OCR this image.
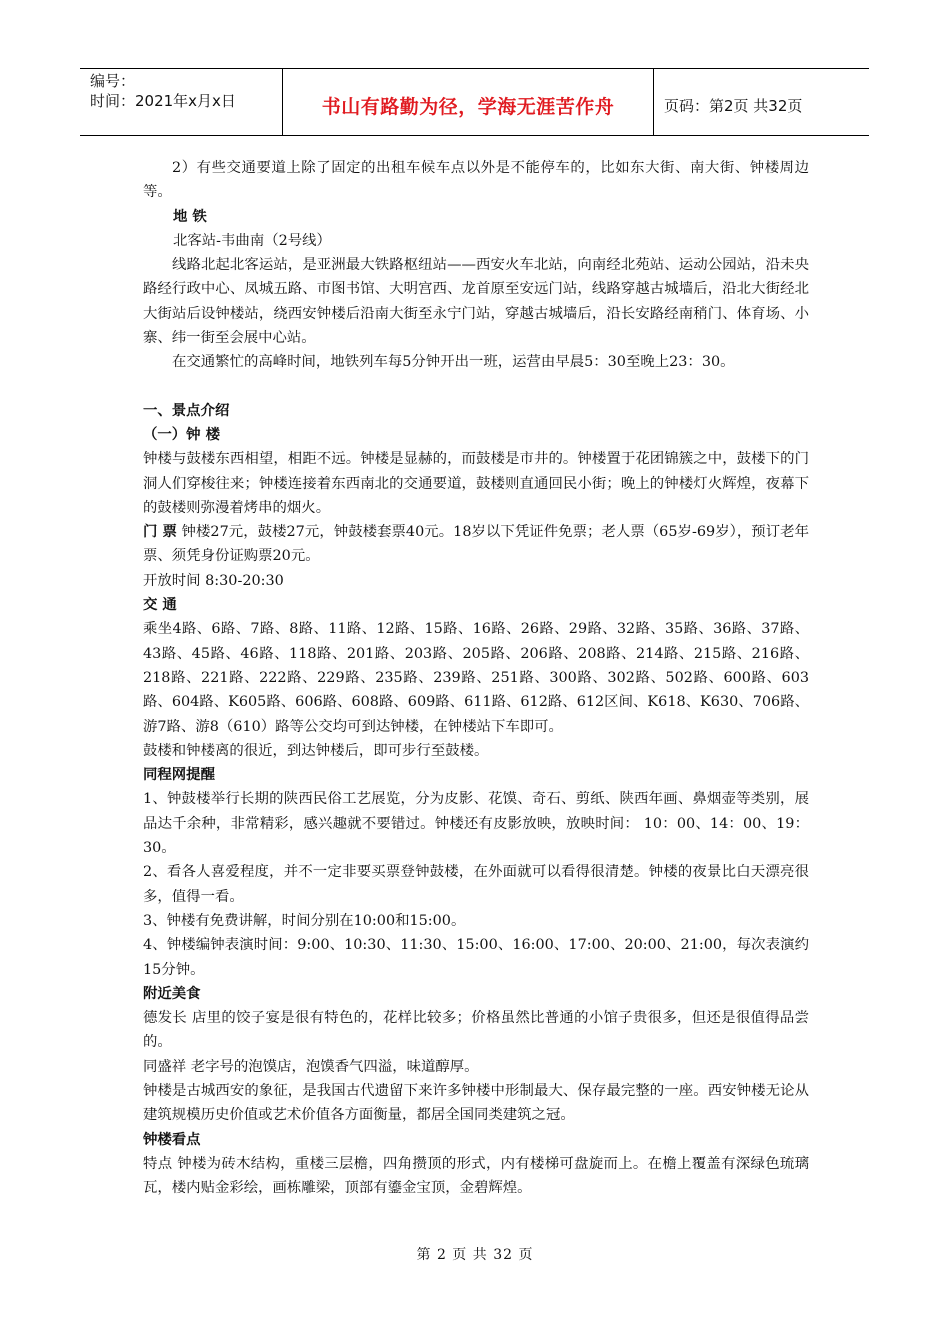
编号：
时间：2021年x月x日	书山有路勤为径，学海无涯苦作舟	页码：第2页 共32页

2）有些交通要道上除了固定的出租车候车点以外是不能停车的，比如东大街、南大街、钟楼周边等。

地 铁

北客站-韦曲南（2号线）

线路北起北客运站，是亚洲最大铁路枢纽站——西安火车北站，向南经北苑站、运动公园站，沿未央路经行政中心、凤城五路、市图书馆、大明宫西、龙首原至安远门站，线路穿越古城墙后，沿北大街经北大街站后设钟楼站，绕西安钟楼后沿南大街至永宁门站，穿越古城墙后，沿长安路经南稍门、体育场、小寨、纬一街至会展中心站。

在交通繁忙的高峰时间，地铁列车每5分钟开出一班，运营由早晨5：30至晚上23：30。

一、景点介绍

（一）钟 楼

钟楼与鼓楼东西相望，相距不远。钟楼是显赫的，而鼓楼是市井的。钟楼置于花团锦簇之中，鼓楼下的门洞人们穿梭往来；钟楼连接着东西南北的交通要道，鼓楼则直通回民小街；晚上的钟楼灯火辉煌，夜幕下的鼓楼则弥漫着烤串的烟火。

门 票 钟楼27元，鼓楼27元，钟鼓楼套票40元。18岁以下凭证件免票；老人票（65岁-69岁），预订老年票、须凭身份证购票20元。

开放时间 8:30-20:30

交 通

乘坐4路、6路、7路、8路、11路、12路、15路、16路、26路、29路、32路、35路、36路、37路、43路、45路、46路、118路、201路、203路、205路、206路、208路、214路、215路、216路、218路、221路、222路、229路、235路、239路、251路、300路、302路、502路、600路、603路、604路、K605路、606路、608路、609路、611路、612路、612区间、K618、K630、706路、游7路、游8（610）路等公交均可到达钟楼，在钟楼站下车即可。

鼓楼和钟楼离的很近，到达钟楼后，即可步行至鼓楼。

同程网提醒

1、钟鼓楼举行长期的陕西民俗工艺展览，分为皮影、花馍、奇石、剪纸、陕西年画、鼻烟壶等类别，展品达千余种，非常精彩，感兴趣就不要错过。钟楼还有皮影放映，放映时间： 10：00、14：00、19：30。

2、看各人喜爱程度，并不一定非要买票登钟鼓楼，在外面就可以看得很清楚。钟楼的夜景比白天漂亮很多，值得一看。

3、钟楼有免费讲解，时间分别在10:00和15:00。

4、钟楼编钟表演时间：9:00、10:30、11:30、15:00、16:00、17:00、20:00、21:00，每次表演约15分钟。

附近美食

德发长 店里的饺子宴是很有特色的，花样比较多；价格虽然比普通的小馆子贵很多，但还是很值得品尝的。

同盛祥 老字号的泡馍店，泡馍香气四溢，味道醇厚。

钟楼是古城西安的象征，是我国古代遗留下来许多钟楼中形制最大、保存最完整的一座。西安钟楼无论从建筑规模历史价值或艺术价值各方面衡量，都居全国同类建筑之冠。

钟楼看点

特点 钟楼为砖木结构，重楼三层檐，四角攒顶的形式，内有楼梯可盘旋而上。在檐上覆盖有深绿色琉璃瓦，楼内贴金彩绘，画栋雕梁，顶部有鎏金宝顶，金碧辉煌。

第 2 页 共 32 页
